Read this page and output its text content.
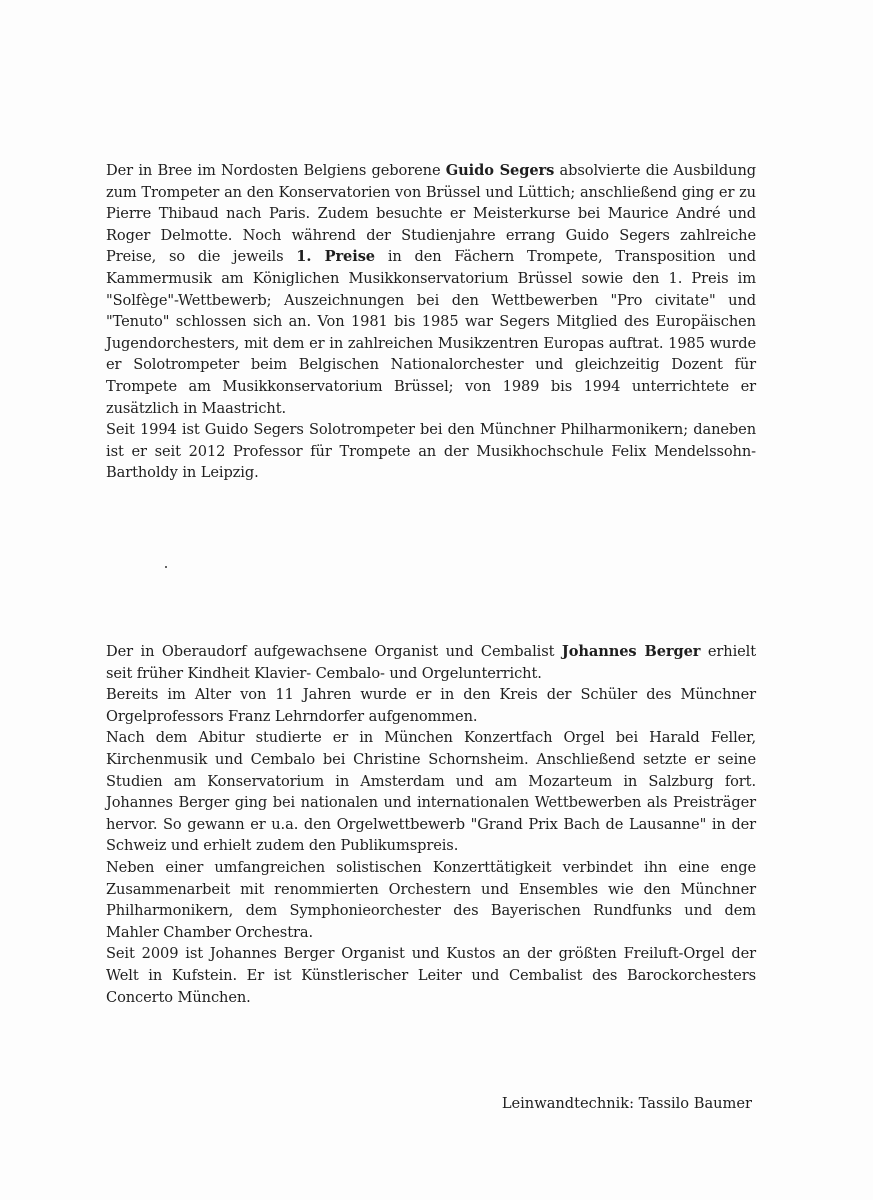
Der in Bree im Nordosten Belgiens geborene Guido Segers absolvierte die Ausbildung zum Trompeter an den Konservatorien von Brüssel und Lüttich; anschließend ging er zu Pierre Thibaud nach Paris. Zudem besuchte er Meisterkurse bei Maurice André und Roger Delmotte. Noch während der Studienjahre errang Guido Segers zahlreiche Preise, so die jeweils 1. Preise in den Fächern Trompete, Transposition und Kammermusik am Königlichen Musikkonservatorium Brüssel sowie den 1. Preis im "Solfège"-Wettbewerb; Auszeichnungen bei den Wettbewerben "Pro civitate" und "Tenuto" schlossen sich an. Von 1981 bis 1985 war Segers Mitglied des Europäischen Jugendorchesters, mit dem er in zahlreichen Musikzentren Europas auftrat. 1985 wurde er Solotrompeter beim Belgischen Nationalorchester und gleichzeitig Dozent für Trompete am Musikkonservatorium Brüssel; von 1989 bis 1994 unterrichtete er zusätzlich in Maastricht.

Seit 1994 ist Guido Segers Solotrompeter bei den Münchner Philharmonikern; daneben ist er seit 2012 Professor für Trompete an der Musikhochschule Felix Mendelssohn-Bartholdy in Leipzig.

Der in Oberaudorf aufgewachsene Organist und Cembalist Johannes Berger erhielt seit früher Kindheit Klavier- Cembalo- und Orgelunterricht.

Bereits im Alter von 11 Jahren wurde er in den Kreis der Schüler des Münchner Orgelprofessors Franz Lehrndorfer aufgenommen.

Nach dem Abitur studierte er in München Konzertfach Orgel bei Harald Feller, Kirchenmusik und Cembalo bei Christine Schornsheim. Anschließend setzte er seine Studien am Konservatorium in Amsterdam und am Mozarteum in Salzburg fort. Johannes Berger ging bei nationalen und internationalen Wettbewerben als Preisträger hervor. So gewann er u.a. den Orgelwettbewerb "Grand Prix Bach de Lausanne" in der Schweiz und erhielt zudem den Publikumspreis.

Neben einer umfangreichen solistischen Konzerttätigkeit verbindet ihn eine enge Zusammenarbeit mit renommierten Orchestern und Ensembles wie den Münchner Philharmonikern, dem Symphonieorchester des Bayerischen Rundfunks und dem Mahler Chamber Orchestra.

Seit 2009 ist Johannes Berger Organist und Kustos an der größten Freiluft-Orgel der Welt in Kufstein. Er ist Künstlerischer Leiter und Cembalist des Barockorchesters Concerto München.

Leinwandtechnik: Tassilo Baumer
